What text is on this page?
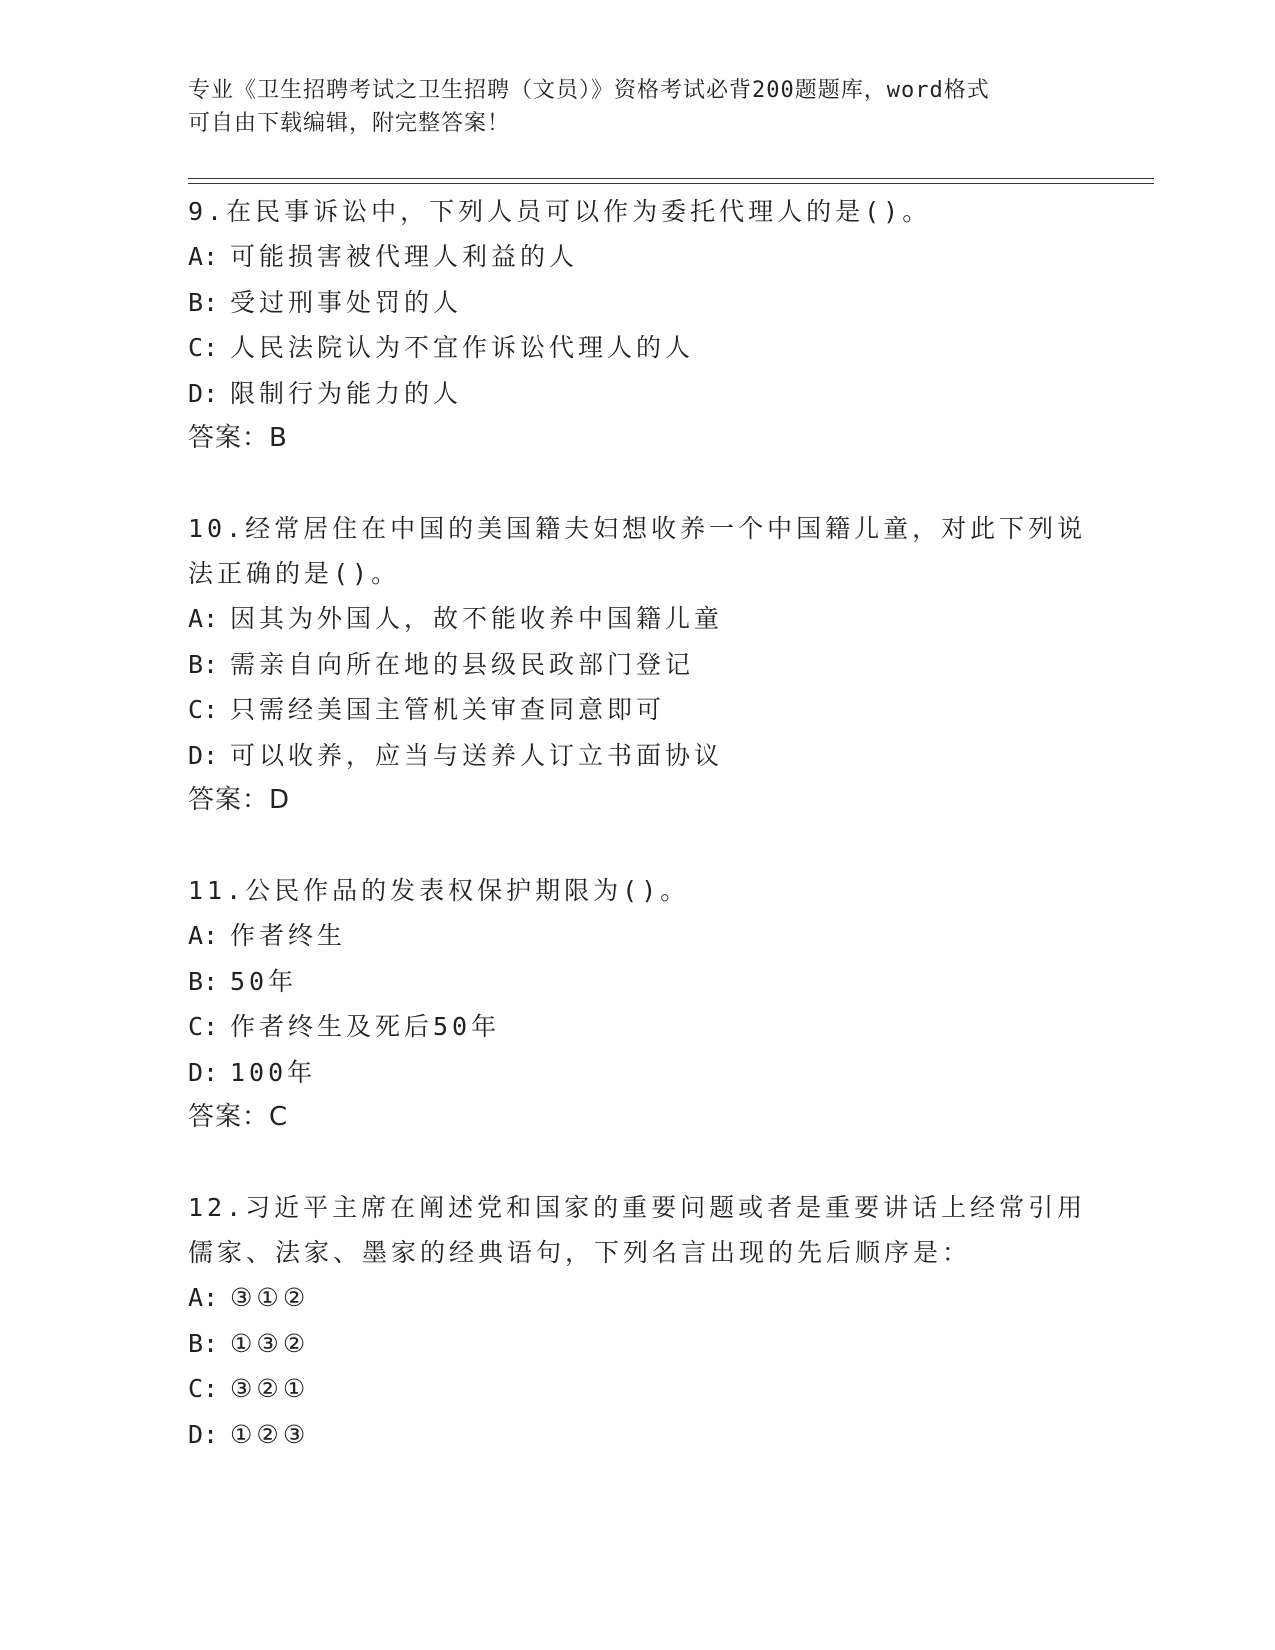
专业《卫生招聘考试之卫生招聘（文员）》资格考试必背200题题库，word格式
可自由下载编辑，附完整答案！

9.在民事诉讼中，下列人员可以作为委托代理人的是()。

A: 可能损害被代理人利益的人
B: 受过刑事处罚的人
C: 人民法院认为不宜作诉讼代理人的人
D: 限制行为能力的人

答案：B

10.经常居住在中国的美国籍夫妇想收养一个中国籍儿童，对此下列说

法正确的是()。

A: 因其为外国人，故不能收养中国籍儿童
B: 需亲自向所在地的县级民政部门登记
C: 只需经美国主管机关审查同意即可
D: 可以收养，应当与送养人订立书面协议

答案：D

11.公民作品的发表权保护期限为()。

A: 作者终生
B: 50年
C: 作者终生及死后50年
D: 100年

答案：C

12.习近平主席在阐述党和国家的重要问题或者是重要讲话上经常引用

儒家、法家、墨家的经典语句，下列名言出现的先后顺序是：

A: ③①②
B: ①③②
C: ③②①
D: ①②③
